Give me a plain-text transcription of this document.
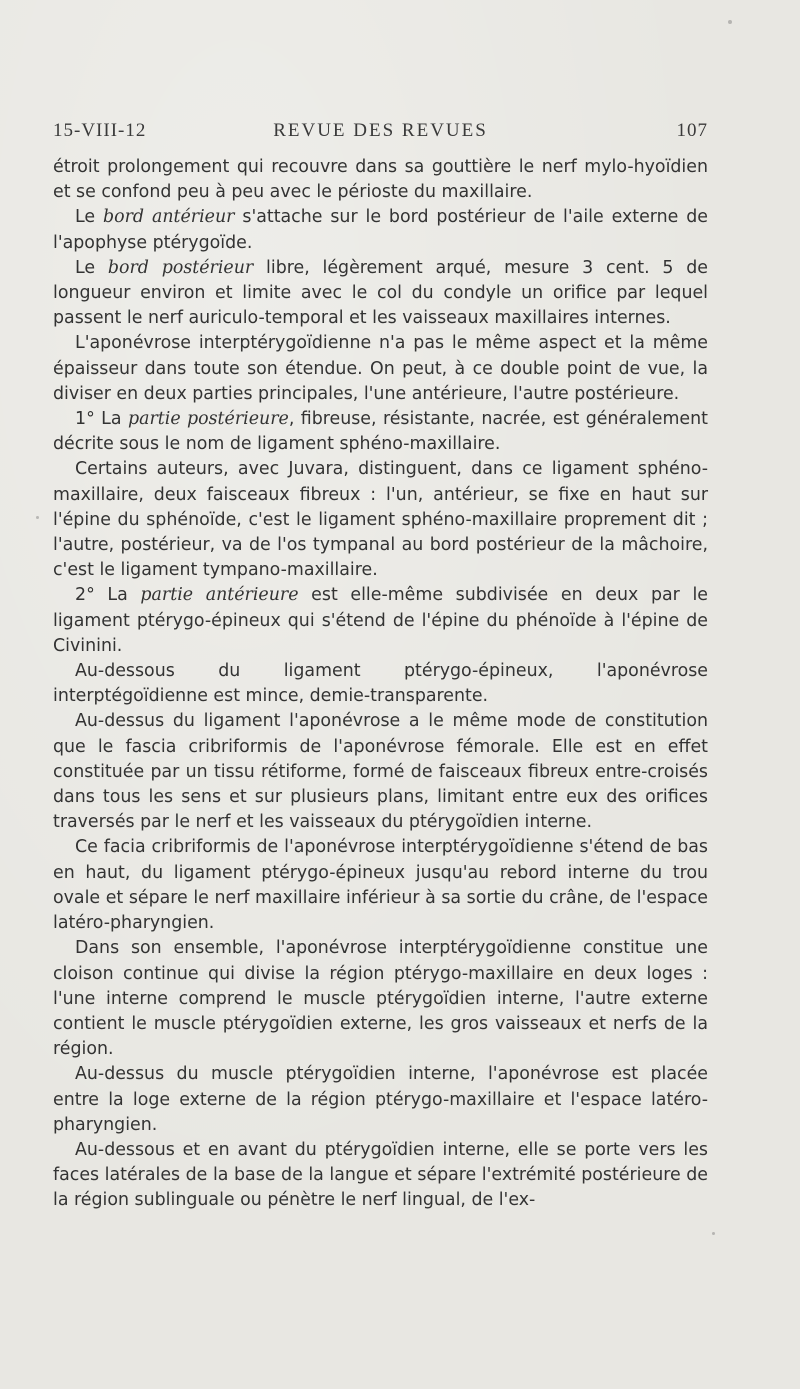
15-VIII-12	REVUE DES REVUES	107

étroit prolongement qui recouvre dans sa gouttière le nerf mylo-hyoïdien et se confond peu à peu avec le périoste du maxillaire.

Le bord antérieur s'attache sur le bord postérieur de l'aile externe de l'apophyse ptérygoïde.

Le bord postérieur libre, légèrement arqué, mesure 3 cent. 5 de longueur environ et limite avec le col du condyle un orifice par lequel passent le nerf auriculo-temporal et les vaisseaux maxillaires internes.

L'aponévrose interptérygoïdienne n'a pas le même aspect et la même épaisseur dans toute son étendue. On peut, à ce double point de vue, la diviser en deux parties principales, l'une antérieure, l'autre postérieure.

1° La partie postérieure, fibreuse, résistante, nacrée, est généralement décrite sous le nom de ligament sphéno-maxillaire.

Certains auteurs, avec Juvara, distinguent, dans ce ligament sphéno-maxillaire, deux faisceaux fibreux : l'un, antérieur, se fixe en haut sur l'épine du sphénoïde, c'est le ligament sphéno-maxillaire proprement dit ; l'autre, postérieur, va de l'os tympanal au bord postérieur de la mâchoire, c'est le ligament tympano-maxillaire.

2° La partie antérieure est elle-même subdivisée en deux par le ligament ptérygo-épineux qui s'étend de l'épine du phénoïde à l'épine de Civinini.

Au-dessous du ligament ptérygo-épineux, l'aponévrose interptégoïdienne est mince, demie-transparente.

Au-dessus du ligament l'aponévrose a le même mode de constitution que le fascia cribriformis de l'aponévrose fémorale. Elle est en effet constituée par un tissu rétiforme, formé de faisceaux fibreux entre-croisés dans tous les sens et sur plusieurs plans, limitant entre eux des orifices traversés par le nerf et les vaisseaux du ptérygoïdien interne.

Ce facia cribriformis de l'aponévrose interptérygoïdienne s'étend de bas en haut, du ligament ptérygo-épineux jusqu'au rebord interne du trou ovale et sépare le nerf maxillaire inférieur à sa sortie du crâne, de l'espace latéro-pharyngien.

Dans son ensemble, l'aponévrose interptérygoïdienne constitue une cloison continue qui divise la région ptérygo-maxillaire en deux loges : l'une interne comprend le muscle ptérygoïdien interne, l'autre externe contient le muscle ptérygoïdien externe, les gros vaisseaux et nerfs de la région.

Au-dessus du muscle ptérygoïdien interne, l'aponévrose est placée entre la loge externe de la région ptérygo-maxillaire et l'espace latéro-pharyngien.

Au-dessous et en avant du ptérygoïdien interne, elle se porte vers les faces latérales de la base de la langue et sépare l'extrémité postérieure de la région sublinguale ou pénètre le nerf lingual, de l'ex-
